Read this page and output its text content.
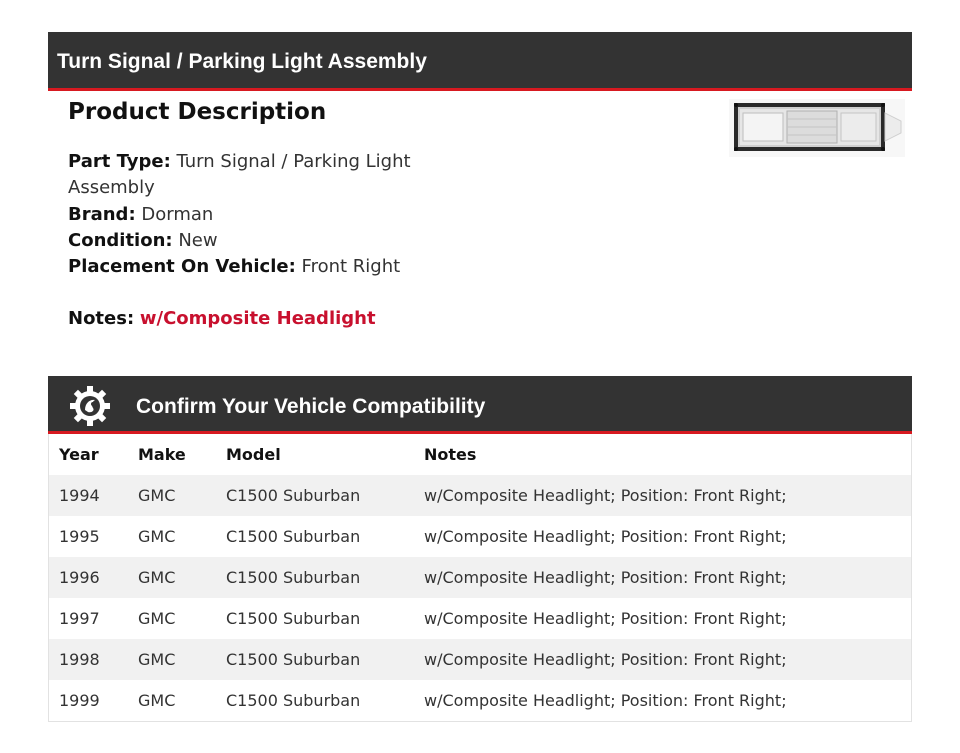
Turn Signal / Parking Light Assembly
Product Description
Part Type: Turn Signal / Parking Light Assembly
Brand: Dorman
Condition: New
Placement On Vehicle: Front Right
Notes: w/Composite Headlight
Confirm Your Vehicle Compatibility
Year	Make	Model	Notes
1994	GMC	C1500 Suburban	w/Composite Headlight; Position: Front Right;
1995	GMC	C1500 Suburban	w/Composite Headlight; Position: Front Right;
1996	GMC	C1500 Suburban	w/Composite Headlight; Position: Front Right;
1997	GMC	C1500 Suburban	w/Composite Headlight; Position: Front Right;
1998	GMC	C1500 Suburban	w/Composite Headlight; Position: Front Right;
1999	GMC	C1500 Suburban	w/Composite Headlight; Position: Front Right;
